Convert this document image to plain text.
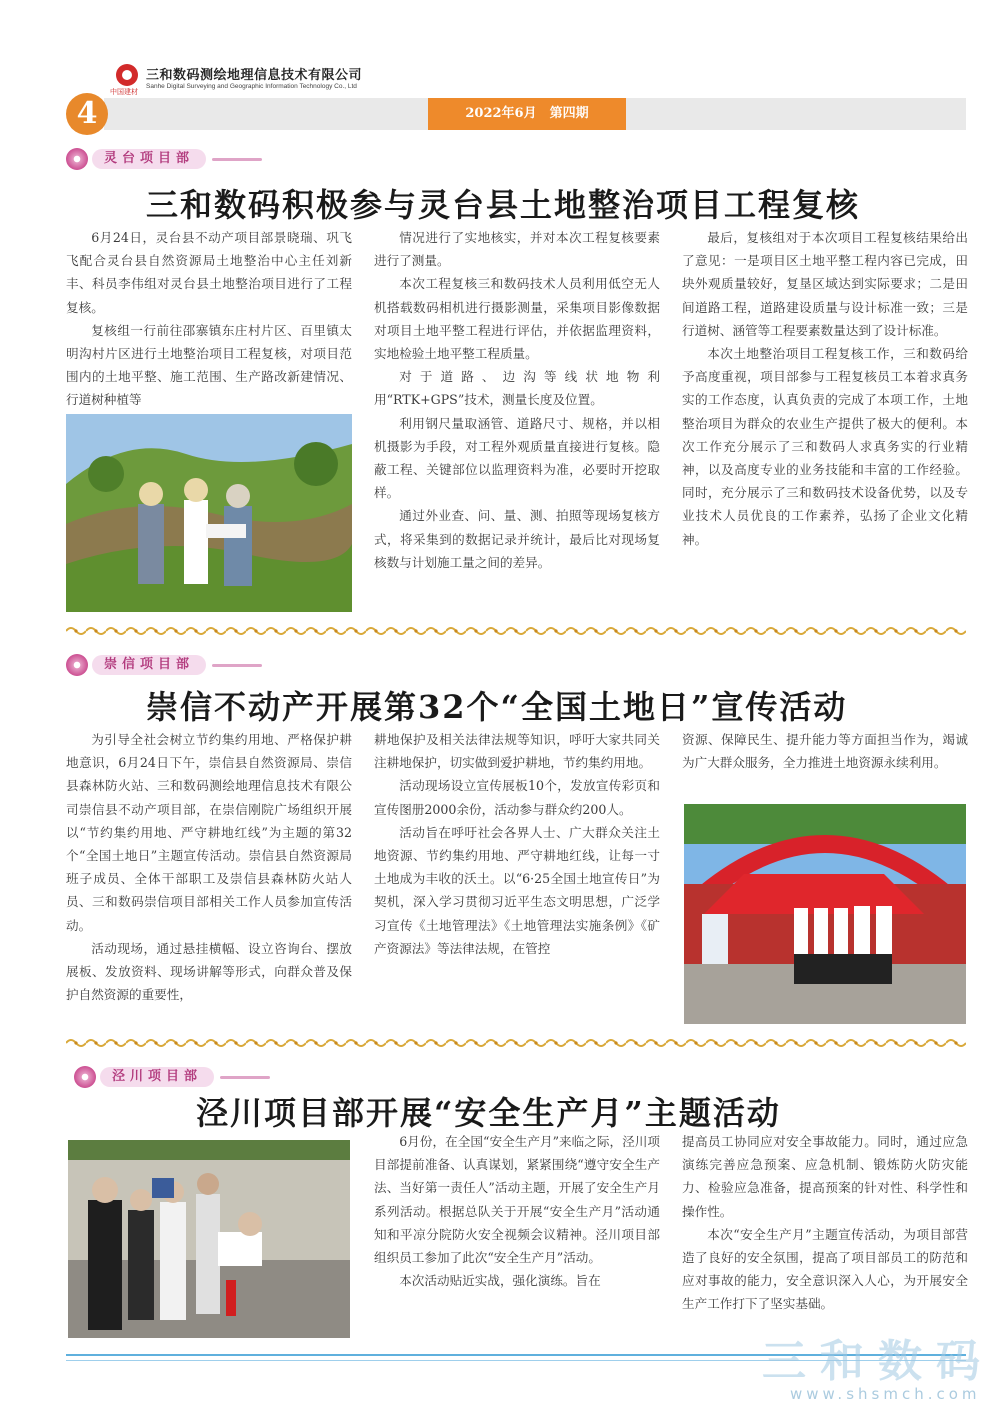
中国建材
三和数码测绘地理信息技术有限公司
Sanhe Digital Surveying and Geographic Information Technology Co., Ltd
4	2022年6月　第四期
灵台项目部
三和数码积极参与灵台县土地整治项目工程复核

6月24日，灵台县不动产项目部景晓瑞、巩飞飞配合灵台县自然资源局土地整治中心主任刘新丰、科员李伟组对灵台县土地整治项目进行了工程复核。

复核组一行前往邵寨镇东庄村片区、百里镇太明沟村片区进行土地整治项目工程复核，对项目范围内的土地平整、施工范围、生产路改新建情况、行道树种植等

情况进行了实地核实，并对本次工程复核要素进行了测量。

本次工程复核三和数码技术人员利用低空无人机搭载数码相机进行摄影测量，采集项目影像数据对项目土地平整工程进行评估，并依据监理资料，实地检验土地平整工程质量。

对于道路、边沟等线状地物利用“RTK+GPS”技术，测量长度及位置。

利用钢尺量取涵管、道路尺寸、规格，并以相机摄影为手段，对工程外观质量直接进行复核。隐蔽工程、关键部位以监理资料为准，必要时开挖取样。

通过外业查、问、量、测、拍照等现场复核方式，将采集到的数据记录并统计，最后比对现场复核数与计划施工量之间的差异。

最后，复核组对于本次项目工程复核结果给出了意见：一是项目区土地平整工程内容已完成，田块外观质量较好，复垦区域达到实际要求；二是田间道路工程，道路建设质量与设计标准一致；三是行道树、涵管等工程要素数量达到了设计标准。

本次土地整治项目工程复核工作，三和数码给予高度重视，项目部参与工程复核员工本着求真务实的工作态度，认真负责的完成了本项工作，土地整治项目为群众的农业生产提供了极大的便利。本次工作充分展示了三和数码人求真务实的行业精神，以及高度专业的业务技能和丰富的工作经验。同时，充分展示了三和数码技术设备优势，以及专业技术人员优良的工作素养，弘扬了企业文化精神。

崇信项目部
崇信不动产开展第32个“全国土地日”宣传活动

为引导全社会树立节约集约用地、严格保护耕地意识，6月24日下午，崇信县自然资源局、崇信县森林防火站、三和数码测绘地理信息技术有限公司崇信县不动产项目部，在崇信刚院广场组织开展以“节约集约用地、严守耕地红线”为主题的第32个“全国土地日”主题宣传活动。崇信县自然资源局班子成员、全体干部职工及崇信县森林防火站人员、三和数码崇信项目部相关工作人员参加宣传活动。

活动现场，通过悬挂横幅、设立咨询台、摆放展板、发放资料、现场讲解等形式，向群众普及保护自然资源的重要性，

耕地保护及相关法律法规等知识，呼吁大家共同关注耕地保护，切实做到爱护耕地，节约集约用地。

活动现场设立宣传展板10个，发放宣传彩页和宣传图册2000余份，活动参与群众约200人。

活动旨在呼吁社会各界人士、广大群众关注土地资源、节约集约用地、严守耕地红线，让每一寸土地成为丰收的沃土。以“6·25全国土地宣传日”为契机，深入学习贯彻习近平生态文明思想，广泛学习宣传《土地管理法》《土地管理法实施条例》《矿产资源法》等法律法规，在管控

资源、保障民生、提升能力等方面担当作为，竭诚为广大群众服务，全力推进土地资源永续利用。

泾川项目部
泾川项目部开展“安全生产月”主题活动

6月份，在全国“安全生产月”来临之际，泾川项目部提前准备、认真谋划，紧紧围绕“遵守安全生产法、当好第一责任人”活动主题，开展了安全生产月系列活动。根据总队关于开展“安全生产月”活动通知和平凉分院防火安全视频会议精神。泾川项目部组织员工参加了此次“安全生产月”活动。

本次活动贴近实战，强化演练。旨在

提高员工协同应对安全事故能力。同时，通过应急演练完善应急预案、应急机制、锻炼防火防灾能力、检验应急准备，提高预案的针对性、科学性和操作性。

本次“安全生产月”主题宣传活动，为项目部营造了良好的安全氛围，提高了项目部员工的防范和应对事故的能力，安全意识深入人心，为开展安全生产工作打下了坚实基础。

三和数码
www.shsmch.com
